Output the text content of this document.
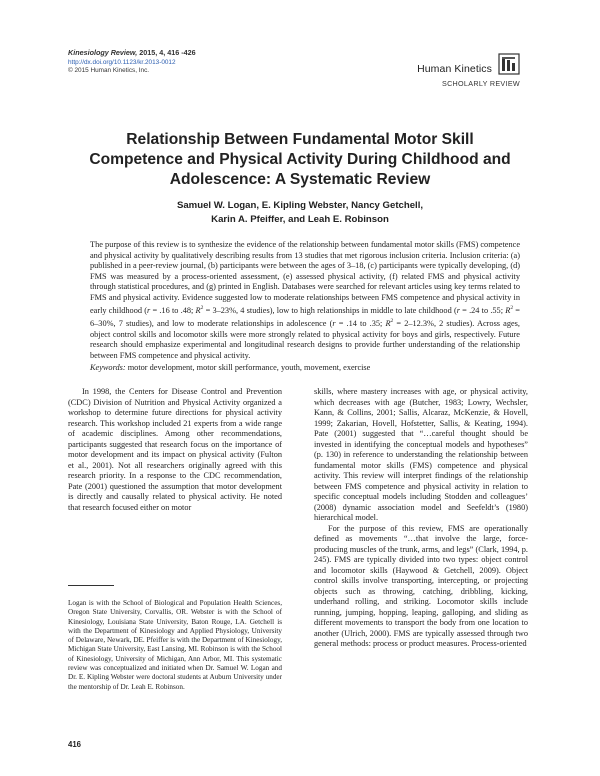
Kinesiology Review, 2015, 4, 416 -426
http://dx.doi.org/10.1123/kr.2013-0012
© 2015 Human Kinetics, Inc.	Human Kinetics
SCHOLARLY REVIEW
Relationship Between Fundamental Motor Skill Competence and Physical Activity During Childhood and Adolescence: A Systematic Review
Samuel W. Logan, E. Kipling Webster, Nancy Getchell,
Karin A. Pfeiffer, and Leah E. Robinson
The purpose of this review is to synthesize the evidence of the relationship between fundamental motor skills (FMS) competence and physical activity by qualitatively describing results from 13 studies that met rigorous inclusion criteria. Inclusion criteria: (a) published in a peer-review journal, (b) participants were between the ages of 3–18, (c) participants were typically developing, (d) FMS was measured by a process-oriented assessment, (e) assessed physical activity, (f) related FMS and physical activity through statistical procedures, and (g) printed in English. Databases were searched for relevant articles using key terms related to FMS and physical activity. Evidence suggested low to moderate relationships between FMS competence and physical activity in early childhood (r = .16 to .48; $R^2 = 3-23\%$, 4 studies), low to high relationships in middle to late childhood (r = .24 to .55; $R^2 = 6-30\%$, 7 studies), and low to moderate relationships in adolescence (r = .14 to .35; $R^2 = 2-12.3\%$, 2 studies). Across ages, object control skills and locomotor skills were more strongly related to physical activity for boys and girls, respectively. Future research should emphasize experimental and longitudinal research designs to provide further understanding of the relationship between FMS competence and physical activity.
Keywords: motor development, motor skill performance, youth, movement, exercise

In 1998, the Centers for Disease Control and Prevention (CDC) Division of Nutrition and Physical Activity organized a workshop to determine future directions for physical activity research. This workshop included 21 experts from a wide range of academic disciplines. Among other recommendations, participants suggested that research focus on the importance of motor development and its impact on physical activity (Fulton et al., 2001). Not all researchers originally agreed with this research priority. In a response to the CDC recommendation, Pate (2001) questioned the assumption that motor development is directly and causally related to physical activity. He noted that research focused either on motor

skills, where mastery increases with age, or physical activity, which decreases with age (Butcher, 1983; Lowry, Wechsler, Kann, & Collins, 2001; Sallis, Alcaraz, McKenzie, & Hovell, 1999; Zakarian, Hovell, Hofstetter, Sallis, & Keating, 1994). Pate (2001) suggested that “…careful thought should be invested in identifying the conceptual models and hypotheses” (p. 130) in reference to understanding the relationship between fundamental motor skills (FMS) competence and physical activity. This review will interpret findings of the relationship between FMS competence and physical activity in relation to specific conceptual models including Stodden and colleagues’ (2008) dynamic association model and Seefeldt’s (1980) hierarchical model.

For the purpose of this review, FMS are operationally defined as movements “…that involve the large, force-producing muscles of the trunk, arms, and legs” (Clark, 1994, p. 245). FMS are typically divided into two types: object control and locomotor skills (Haywood & Getchell, 2009). Object control skills involve transporting, intercepting, or projecting objects such as throwing, catching, dribbling, kicking, underhand rolling, and striking. Locomotor skills include running, jumping, hopping, leaping, galloping, and sliding as different movements to transport the body from one location to another (Ulrich, 2000). FMS are typically assessed through two general methods: process or product measures. Process-oriented

Logan is with the School of Biological and Population Health Sciences, Oregon State University, Corvallis, OR. Webster is with the School of Kinesiology, Louisiana State University, Baton Rouge, LA. Getchell is with the Department of Kinesiology and Applied Physiology, University of Delaware, Newark, DE. Pfeiffer is with the Department of Kinesiology, Michigan State University, East Lansing, MI. Robinson is with the School of Kinesiology, University of Michigan, Ann Arbor, MI. This systematic review was conceptualized and initiated when Dr. Samuel W. Logan and Dr. E. Kipling Webster were doctoral students at Auburn University under the mentorship of Dr. Leah E. Robinson.
416
